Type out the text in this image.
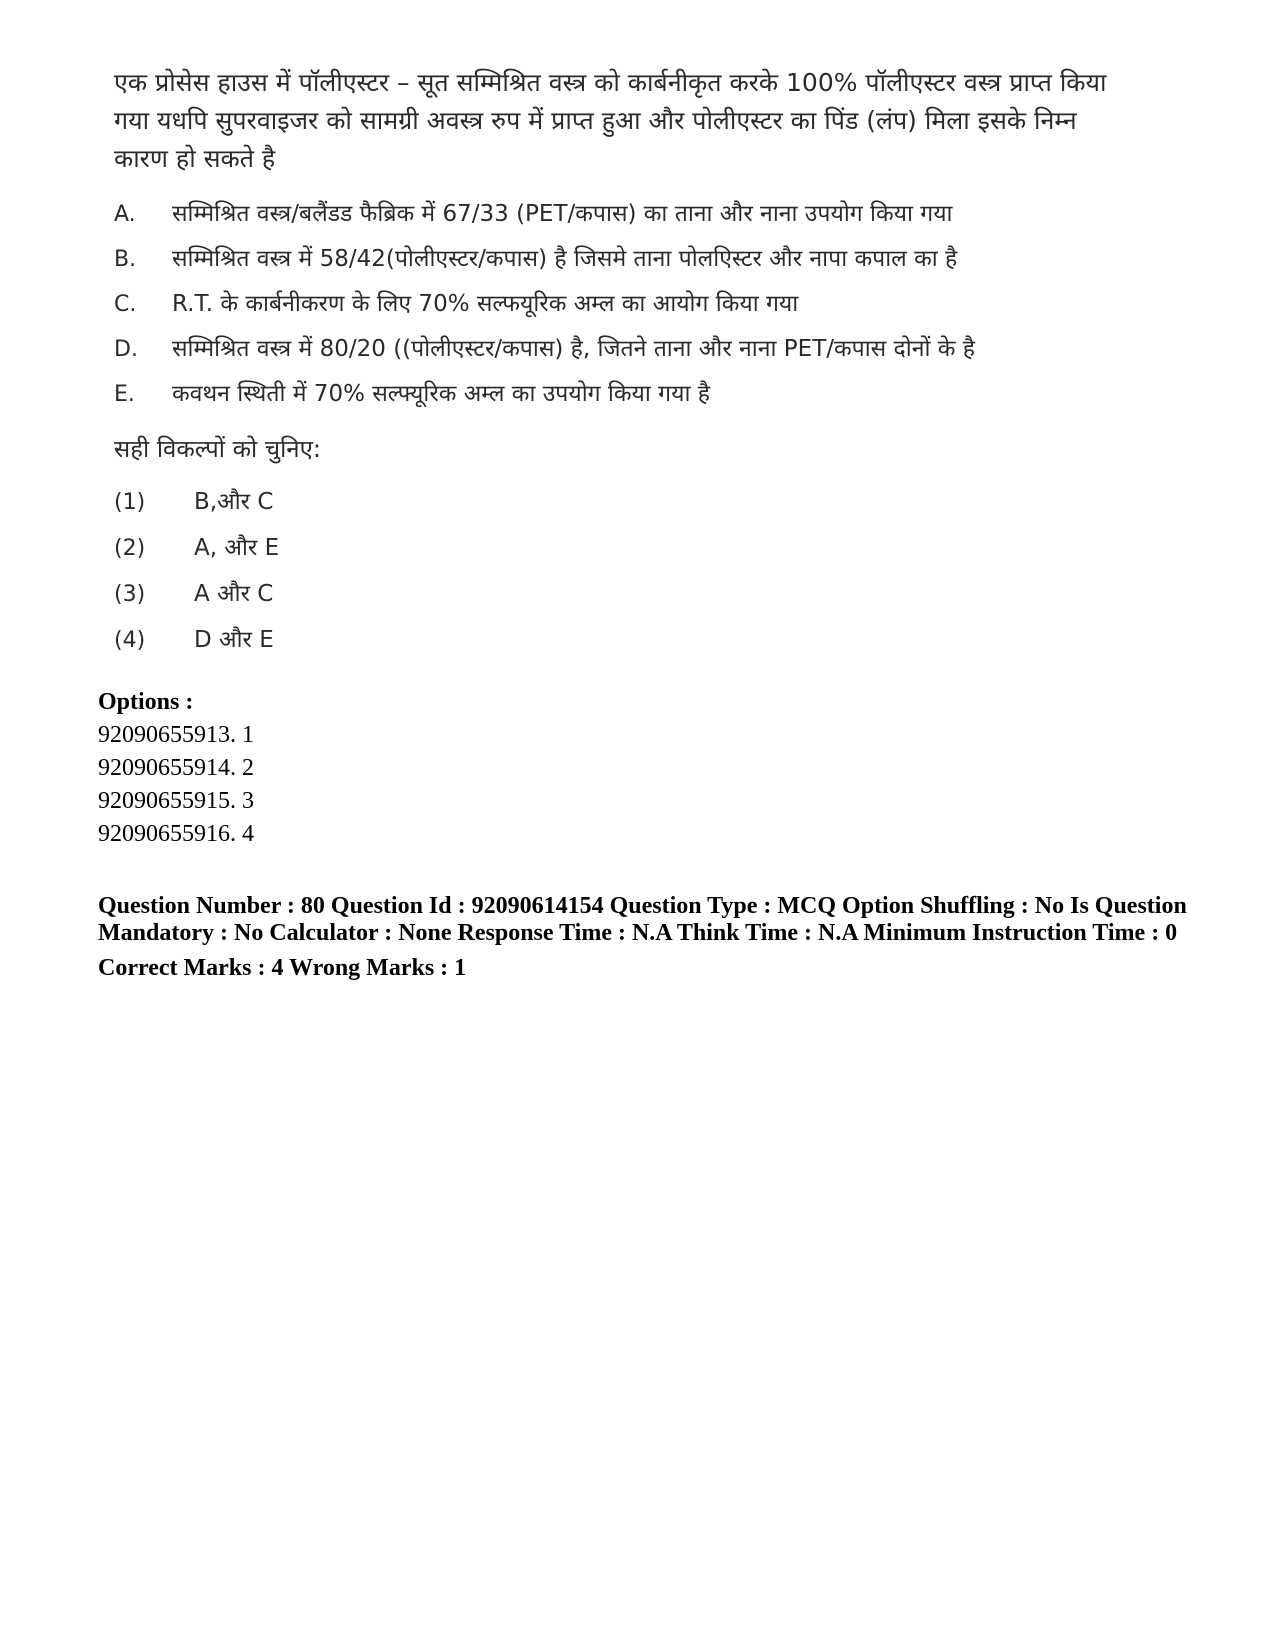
एक प्रोसेस हाउस में पॉलीएस्टर – सूत सम्मिश्रित वस्त्र को कार्बनीकृत करके 100% पॉलीएस्टर वस्त्र प्राप्त किया गया यधपि सुपरवाइजर को सामग्री अवस्त्र रुप में प्राप्त हुआ और पोलीएस्टर का पिंड (लंप) मिला इसके निम्न कारण हो सकते है

A.	सम्मिश्रित वस्त्र/बलैंडड फैब्रिक में 67/33 (PET/कपास) का ताना और नाना उपयोग किया गया
B.	सम्मिश्रित वस्त्र में 58/42(पोलीएस्टर/कपास) है जिसमे ताना पोलएिस्टर और नापा कपाल का है
C.	R.T. के कार्बनीकरण के लिए 70% सल्फयूरिक अम्ल का आयोग किया गया
D.	सम्मिश्रित वस्त्र में 80/20 ((पोलीएस्टर/कपास) है, जितने ताना और नाना PET/कपास दोनों के है
E.	कवथन स्थिती में 70% सल्फ्यूरिक अम्ल का उपयोग किया गया है

सही विकल्पों को चुनिए:

(1)	B,और C
(2)	A, और E
(3)	A और C
(4)	D और E
Options :
92090655913. 1
92090655914. 2
92090655915. 3
92090655916. 4
Question Number : 80 Question Id : 92090614154 Question Type : MCQ Option Shuffling : No Is Question Mandatory : No Calculator : None Response Time : N.A Think Time : N.A Minimum Instruction Time : 0
Correct Marks : 4 Wrong Marks : 1
